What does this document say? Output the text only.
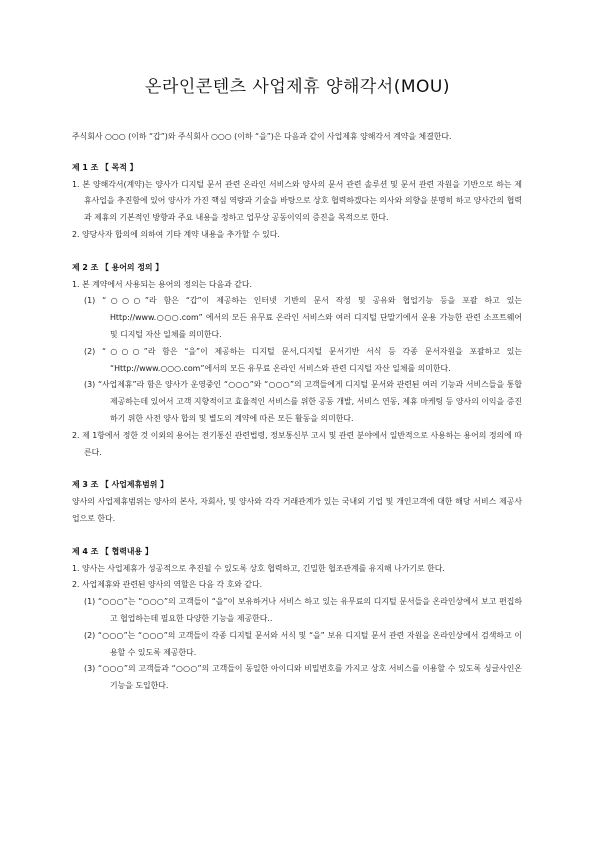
온라인콘텐츠 사업제휴 양해각서(MOU)

주식회사 ○○○ (이하 “갑”)와 주식회사 ○○○ (이하 “을”)은 다음과 같이 사업제휴 양해각서 계약을 체결한다.

제 1 조 【 목적 】

1. 본 양해각서(계약)는 양사가 디지털 문서 관련 온라인 서비스와 양사의 문서 관련 솔루션 및 문서 관련 자원을 기반으로 하는 제휴사업을 추진함에 있어 양사가 가진 핵심 역량과 기술을 바탕으로 상호 협력하겠다는 의사와 의향을 분명히 하고 양사간의 협력과 제휴의 기본적인 방향과 주요 내용을 정하고 업무상 공동이익의 증진을 목적으로 한다.

2. 양당사자 합의에 의하여 기타 계약 내용을 추가할 수 있다.

제 2 조 【 용어의 정의 】

1. 본 계약에서 사용되는 용어의 정의는 다음과 같다.

(1) “○○○”라 함은 “갑”이 제공하는 인터넷 기반의 문서 작성 및 공유와 협업기능 등을 포괄 하고 있는 Http://www.○○○.com” 에서의 모든 유무료 온라인 서비스와 여러 디지털 단말기에서 운용 가능한 관련 소프트웨어 및 디지털 자산 일체를 의미한다.

(2) “○○○”라 함은 “을”이 제공하는 디지털 문서,디지털 문서기반 서식 등 각종 문서자원을 포괄하고 있는 “Http://www.○○○.com”에서의 모든 유무료 온라인 서비스와 관련 디지털 자산 일체를 의미한다.

(3) “사업제휴”라 함은 양사가 운영중인 “○○○”와 “○○○”의 고객들에게 디지털 문서와 관련된 여러 기능과 서비스들을 통합 제공하는데 있어서 고객 지향적이고 효율적인 서비스를 위한 공동 개발, 서비스 연동, 제휴 마케팅 등 양사의 이익을 증진하기 위한 사전 양사 합의 및 별도의 계약에 따른 모든 활동을 의미한다.

2. 제 1항에서 정한 것 이외의 용어는 전기통신 관련법령, 정보통신부 고시 및 관련 분야에서 일반적으로 사용하는 용어의 정의에 따른다.

제 3 조 【 사업제휴범위 】

양사의 사업제휴범위는 양사의 본사, 자회사, 및 양사와 각각 거래관계가 있는 국내외 기업 및 개인고객에 대한 해당 서비스 제공사업으로 한다.

제 4 조 【 협력내용 】

1. 양사는 사업제휴가 성공적으로 추진될 수 있도록 상호 협력하고, 긴밀한 협조관계를 유지해 나가기로 한다.

2. 사업제휴와 관련된 양사의 역할은 다음 각 호와 같다.

(1) “○○○”는 “○○○”의 고객들이 “을”이 보유하거나 서비스 하고 있는 유무료의 디지털 문서들을 온라인상에서 보고 편집하고 협업하는데 필요한 다양한 기능을 제공한다..

(2) “○○○”는 “○○○”의 고객들이 각종 디지털 문서와 서식 및 “을” 보유 디지털 문서 관련 자원을 온라인상에서 검색하고 이용할 수 있도록 제공한다.

(3) “○○○”의 고객들과 “○○○”의 고객들이 동일한 아이디와 비밀번호를 가지고 상호 서비스를 이용할 수 있도록 싱글사인온 기능을 도입한다.
